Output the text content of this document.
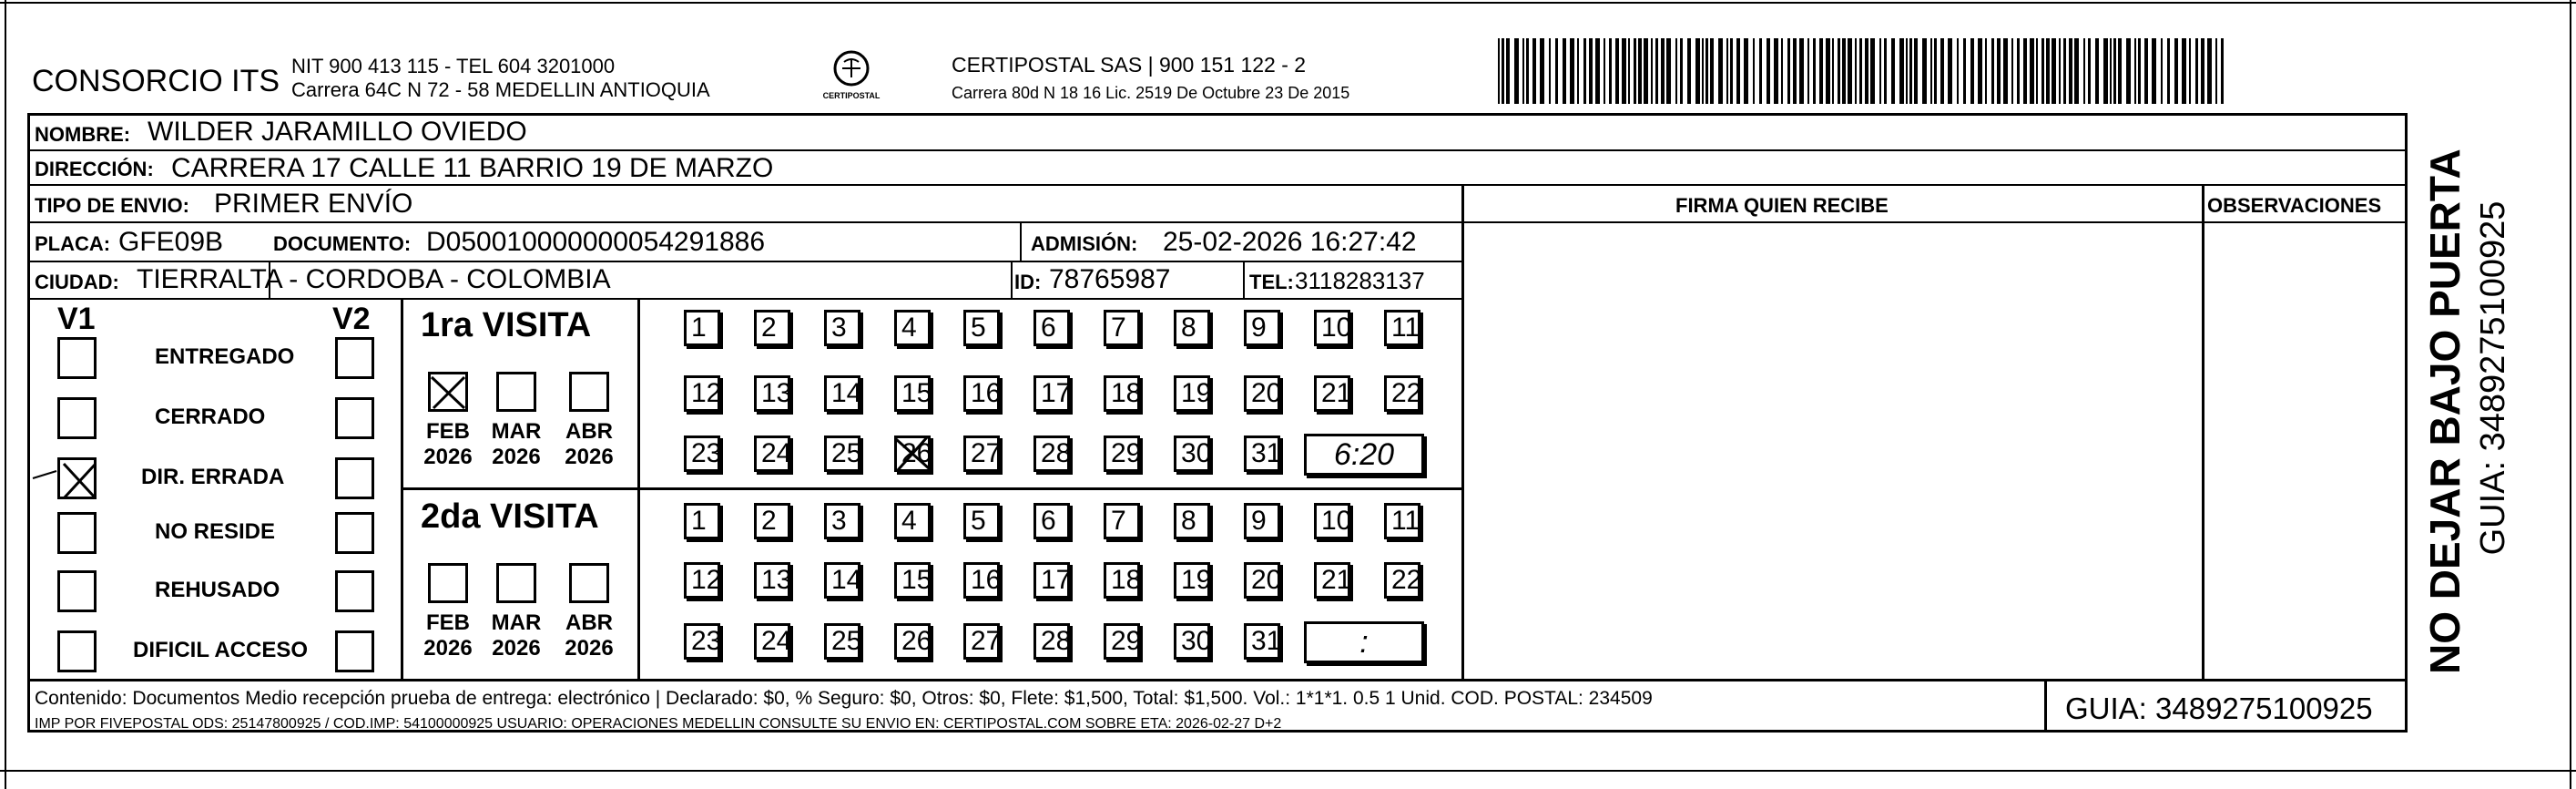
CONSORCIO ITS NIT 900 413 115 - TEL 604 3201000
Carrera 64C N 72 - 58 MEDELLIN ANTIOQUIA	CERTIPOSTAL
CERTIPOSTAL SAS | 900 151 122 - 2
Carrera 80d N 18 16 Lic. 2519 De Octubre 23 De 2015
NOMBRE: WILDER JARAMILLO OVIEDO
DIRECCIÓN: CARRERA 17 CALLE 11 BARRIO 19 DE MARZO
TIPO DE ENVIO: PRIMER ENVÍO
PLACA: GFE09B DOCUMENTO: D050010000000054291886	ADMISIÓN: 25-02-2026 16:27:42
CIUDAD: TIERRALTA - CORDOBA - COLOMBIA	ID: 78765987	TEL: 3118283137
FIRMA QUIEN RECIBE	OBSERVACIONES
V1	V2 1ra VISITA
2da VISITA
Contenido: Documentos Medio recepción prueba de entrega: electrónico | Declarado: $0, % Seguro: $0, Otros: $0, Flete: $1,500, Total: $1,500. Vol.: 1*1*1. 0.5 1 Unid. COD. POSTAL: 234509
IMP POR FIVEPOSTAL ODS: 25147800925 / COD.IMP: 54100000925 USUARIO: OPERACIONES MEDELLIN CONSULTE SU ENVIO EN: CERTIPOSTAL.COM SOBRE ETA: 2026-02-27 D+2	GUIA: 3489275100925
NO DEJAR BAJO PUERTA GUIA: 3489275100925
ENTREGADO
CERRADO
DIR. ERRADA
NO RESIDE
REHUSADO
DIFICIL ACCESO
FEB
2026
MAR
2026
ABR
2026
FEB
2026
MAR
2026
ABR
2026
1	2	3	4	5	6	7	8	9	10 11
12 13 14 15 16 17 18 19 20 21 22
23 24 25 26 27 28 29 30 31	6:20
1	2	3	4	5	6	7	8	9	10 11
12 13 14 15 16 17 18 19 20 21 22
23 24 25 26 27 28 29 30 31	:
